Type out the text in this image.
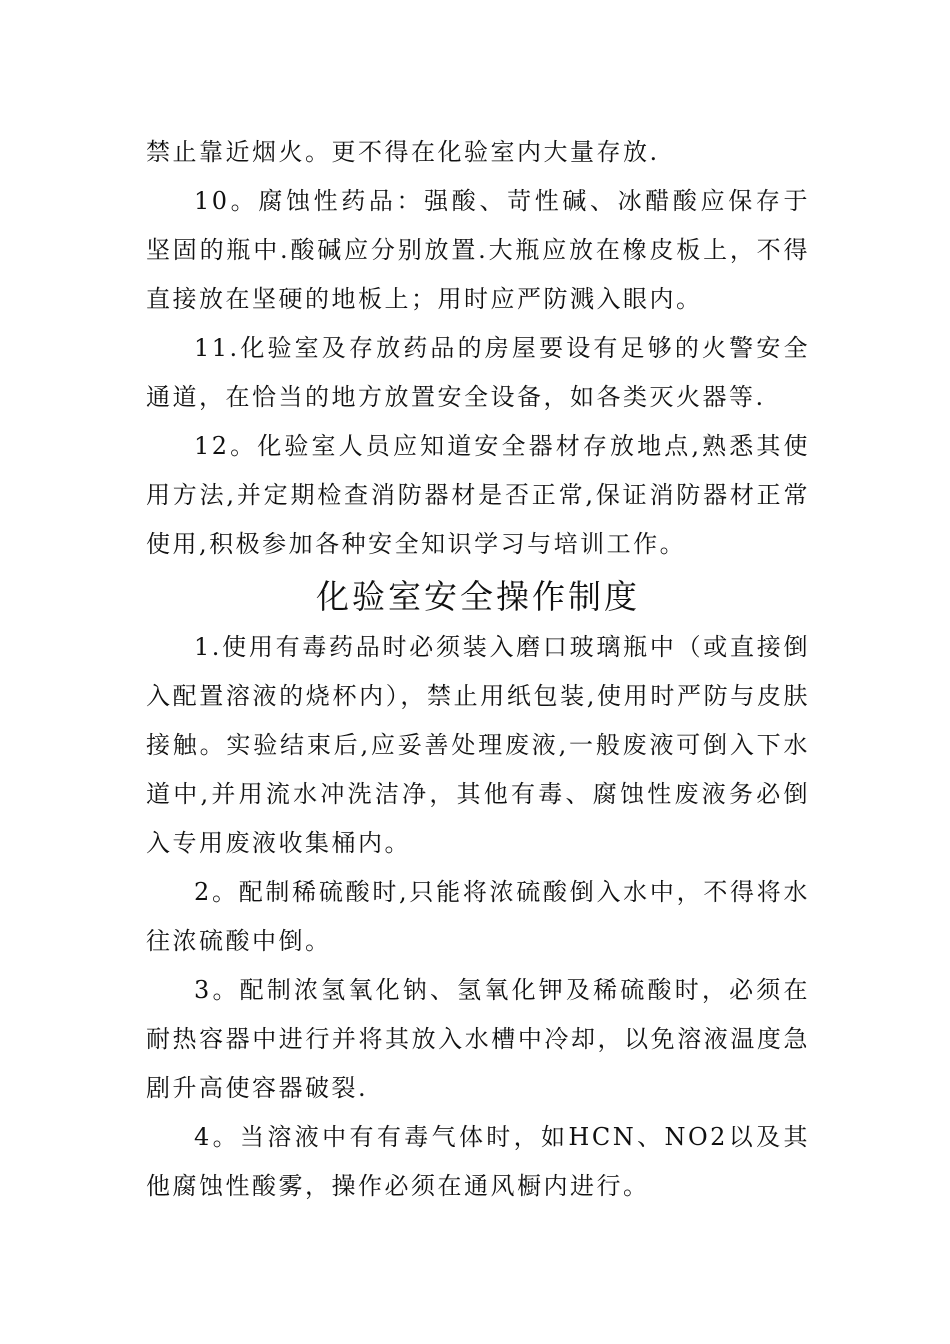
禁止靠近烟火。更不得在化验室内大量存放.

10。腐蚀性药品：强酸、苛性碱、冰醋酸应保存于坚固的瓶中.酸碱应分别放置.大瓶应放在橡皮板上，不得直接放在坚硬的地板上；用时应严防溅入眼内。

11.化验室及存放药品的房屋要设有足够的火警安全通道，在恰当的地方放置安全设备，如各类灭火器等.

12。化验室人员应知道安全器材存放地点,熟悉其使用方法,并定期检查消防器材是否正常,保证消防器材正常使用,积极参加各种安全知识学习与培训工作。

化验室安全操作制度

1.使用有毒药品时必须装入磨口玻璃瓶中（或直接倒入配置溶液的烧杯内），禁止用纸包装,使用时严防与皮肤接触。实验结束后,应妥善处理废液,一般废液可倒入下水道中,并用流水冲洗洁净，其他有毒、腐蚀性废液务必倒入专用废液收集桶内。

2。配制稀硫酸时,只能将浓硫酸倒入水中，不得将水往浓硫酸中倒。

3。配制浓氢氧化钠、氢氧化钾及稀硫酸时，必须在耐热容器中进行并将其放入水槽中冷却，以免溶液温度急剧升高使容器破裂.

4。当溶液中有有毒气体时，如HCN、NO2以及其他腐蚀性酸雾，操作必须在通风橱内进行。
